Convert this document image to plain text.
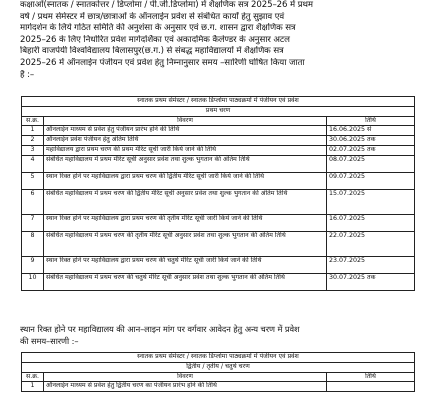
कक्षाओं(स्नातक / स्नातकोत्तर / डिप्लोमा / पी.जी.डिप्लोमा) में शैक्षणिक सत्र 2025–26 में प्रथम
वर्ष / प्रथम सेमेस्टर में छात्र/छात्राओं के ऑनलाईन प्रवेश से संबंधित कार्यों हेतु सुझाव एवं
मार्गदर्शन के लिये गठित समिति की अनुशंसा के अनुसार एवं छ.ग. शासन द्वारा शैक्षणिक सत्र
2025–26 के लिए निर्धारित प्रवेश मार्गदर्शिका एवं अकादमिक कैलेण्डर के अनुसार अटल
बिहारी वाजपेयी विश्वविद्यालय बिलासपुर(छ.ग.) से संबद्ध महाविद्यालयों में शैक्षणिक सत्र
2025–26 में ऑनलाईन पंजीयन एवं प्रवेश हेतु निम्नानुसार समय –सारिणी घोषित किया जाता
है :–
स्नातक प्रथम सेमेस्टर / स्नातक डिप्लोमा पाठ्यक्रमों में पंजीयन एवं प्रवेश		
प्रथम चरण		
स.क्र.	विवरण	तिथि
1	ऑनलाईन माध्यम से प्रवेश हेतु पंजीयन प्रारंभ होने की तिथि	16.06.2025 से
2	ऑनलाईन प्रवेश पंजीयन हेतु अंतिम तिथि	30.06.2025 तक
3	महाविद्यालय द्वारा प्रथम चरण की प्रथम मेरिट सूची जारी किये जाने की तिथि	02.07.2025 तक
4	संबंधित महाविद्यालय में प्रथम मेरिट सूची अनुसार प्रवेश तथा शुल्क भुगतान की अंतिम तिथि	08.07.2025
5	स्थान रिक्त होने पर महाविद्यालय द्वारा प्रथम चरण की द्वितीय मेरिट सूची जारी किये जाने की तिथि	09.07.2025
6	संबंधित महाविद्यालय में प्रथम चरण की द्वितीय मेरिट सूची अनुसार प्रवेश तथा शुल्क भुगतान की अंतिम तिथि	15.07.2025
7	स्थान रिक्त होने पर महाविद्यालय द्वारा प्रथम चरण की तृतीय मेरिट सूची जारी किये जाने की तिथि	16.07.2025
8	संबंधित महाविद्यालय में प्रथम चरण की तृतीय मेरिट सूची अनुसार प्रवेश तथा शुल्क भुगतान की अंतिम तिथि	22.07.2025
9	स्थान रिक्त होने पर महाविद्यालय द्वारा प्रथम चरण की चतुर्थ मेरिट सूची जारी किये जाने की तिथि	23.07.2025
10	संबंधित महाविद्यालय में प्रथम चरण की चतुर्थ मेरिट सूची अनुसार प्रवेश तथा शुल्क भुगतान की अंतिम तिथि	30.07.2025 तक
स्थान रिक्त होने पर महाविद्यालय की आन–लाइन मांग पर वर्गवार आवेदन हेतु अन्य चरण में प्रवेश
की समय–सारणी :–
स्नातक प्रथम सेमेस्टर / स्नातक डिप्लोमा पाठ्यक्रमों में पंजीयन एवं प्रवेश		
द्वितीय / तृतीय / चतुर्थ चरण		
स.क्र.	विवरण	तिथि
1	ऑनलाईन माध्यम से प्रवेश हेतु द्वितीय चरण का पंजीयन प्रारंभ होने की तिथि	
